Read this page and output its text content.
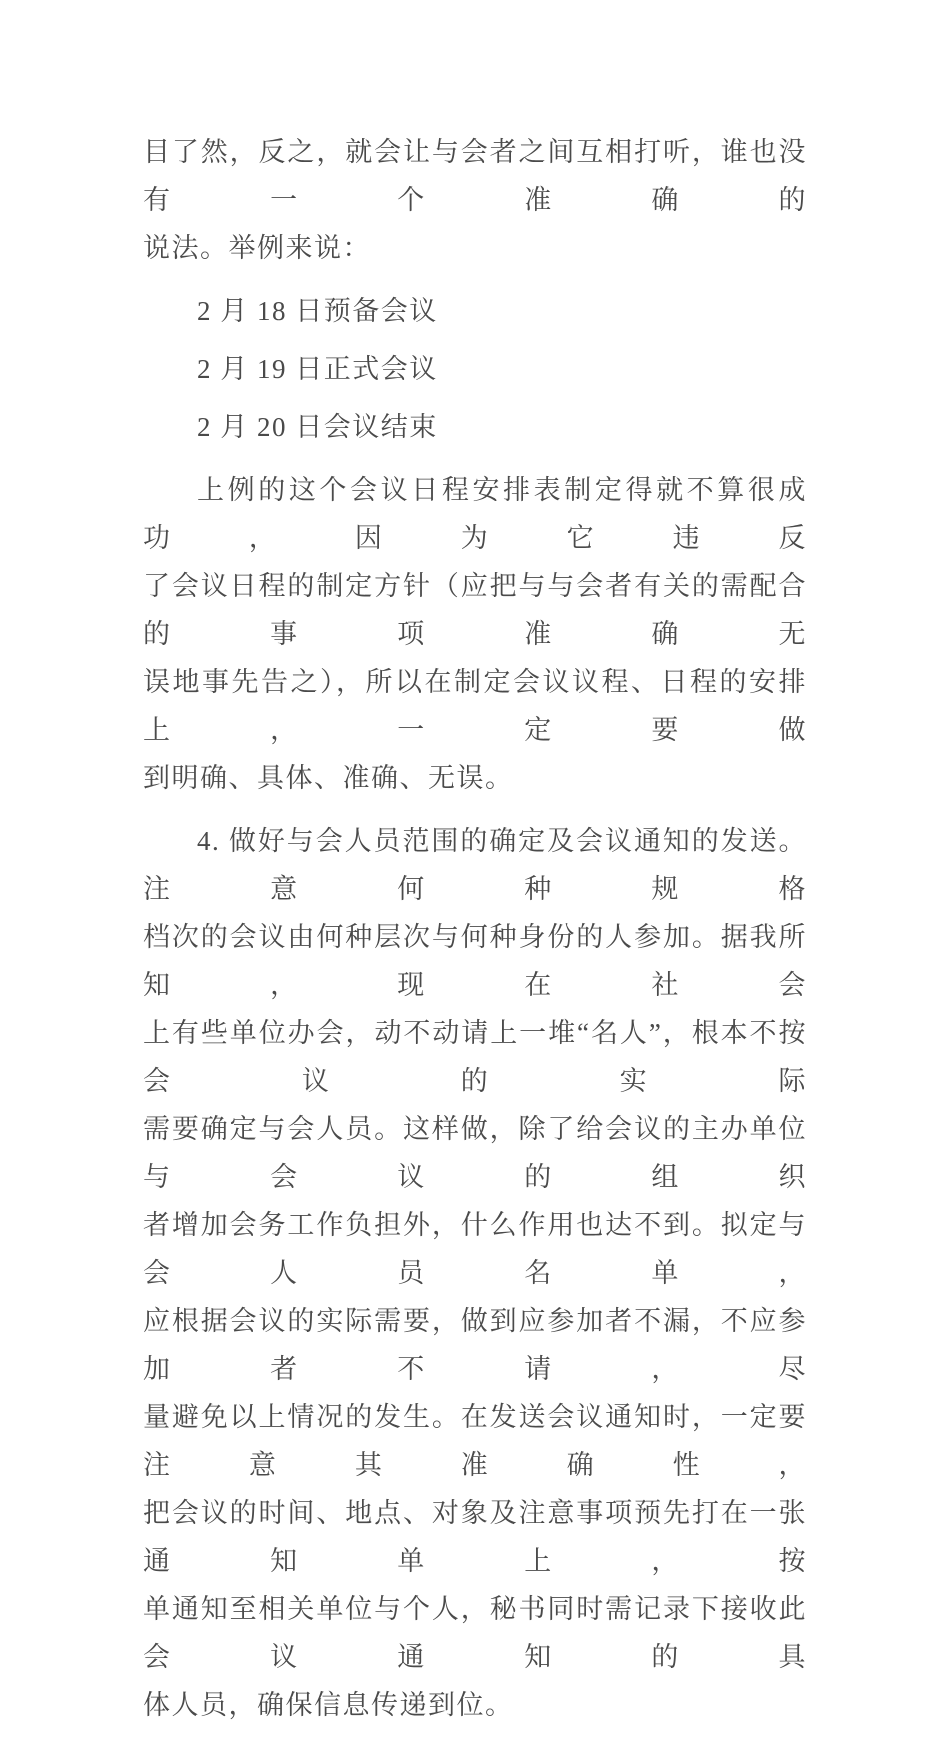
目了然，反之，就会让与会者之间互相打听，谁也没有一个准确的
说法。举例来说：
2 月 18 日预备会议
2 月 19 日正式会议
2 月 20 日会议结束
上例的这个会议日程安排表制定得就不算很成功，因为它违反
了会议日程的制定方针（应把与与会者有关的需配合的事项准确无
误地事先告之），所以在制定会议议程、日程的安排上，一定要做
到明确、具体、准确、无误。
4. 做好与会人员范围的确定及会议通知的发送。注意何种规格
档次的会议由何种层次与何种身份的人参加。据我所知，现在社会
上有些单位办会，动不动请上一堆“名人”，根本不按会议的实际
需要确定与会人员。这样做，除了给会议的主办单位与会议的组织
者增加会务工作负担外，什么作用也达不到。拟定与会人员名单，
应根据会议的实际需要，做到应参加者不漏，不应参加者不请，尽
量避免以上情况的发生。在发送会议通知时，一定要注意其准确性，
把会议的时间、地点、对象及注意事项预先打在一张通知单上，按
单通知至相关单位与个人，秘书同时需记录下接收此会议通知的具
体人员，确保信息传递到位。
